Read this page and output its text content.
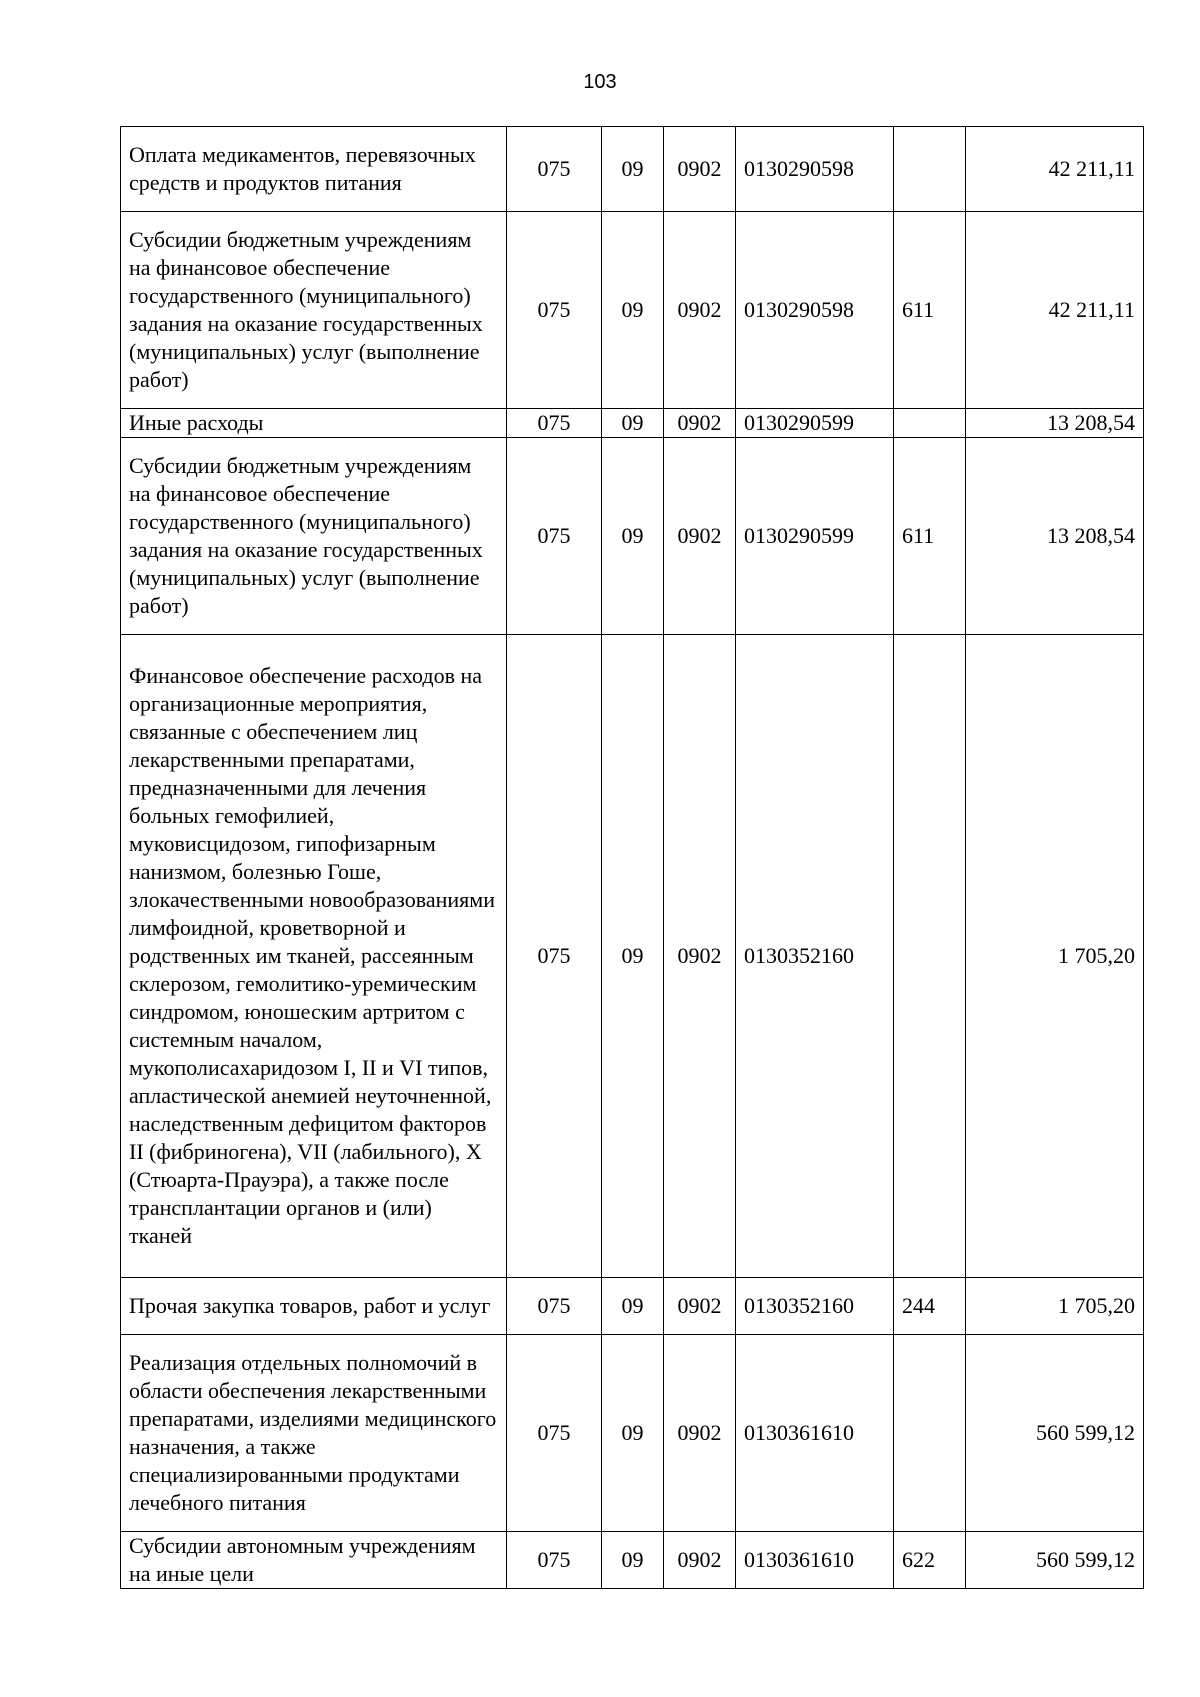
103
Оплата медикаментов, перевязочных средств и продуктов питания	075	09	0902	0130290598		42 211,11
Субсидии бюджетным учреждениям на финансовое обеспечение государственного (муниципального) задания на оказание государственных (муниципальных) услуг (выполнение работ)	075	09	0902	0130290598	611	42 211,11
Иные расходы	075	09	0902	0130290599		13 208,54
Субсидии бюджетным учреждениям на финансовое обеспечение государственного (муниципального) задания на оказание государственных (муниципальных) услуг (выполнение работ)	075	09	0902	0130290599	611	13 208,54
Финансовое обеспечение расходов на организационные мероприятия, связанные с обеспечением лиц лекарственными препаратами, предназначенными для лечения больных гемофилией, муковисцидозом, гипофизарным нанизмом, болезнью Гоше, злокачественными новообразованиями лимфоидной, кроветворной и родственных им тканей, рассеянным склерозом, гемолитико-уремическим синдромом, юношеским артритом с системным началом, мукополисахаридозом I, II и VI типов, апластической анемией неуточненной, наследственным дефицитом факторов II (фибриногена), VII (лабильного), X (Стюарта-Прауэра), а также после трансплантации органов и (или) тканей	075	09	0902	0130352160		1 705,20
Прочая закупка товаров, работ и услуг	075	09	0902	0130352160	244	1 705,20
Реализация отдельных полномочий в области обеспечения лекарственными препаратами, изделиями медицинского назначения, а также специализированными продуктами лечебного питания	075	09	0902	0130361610		560 599,12
Субсидии автономным учреждениям на иные цели	075	09	0902	0130361610	622	560 599,12
